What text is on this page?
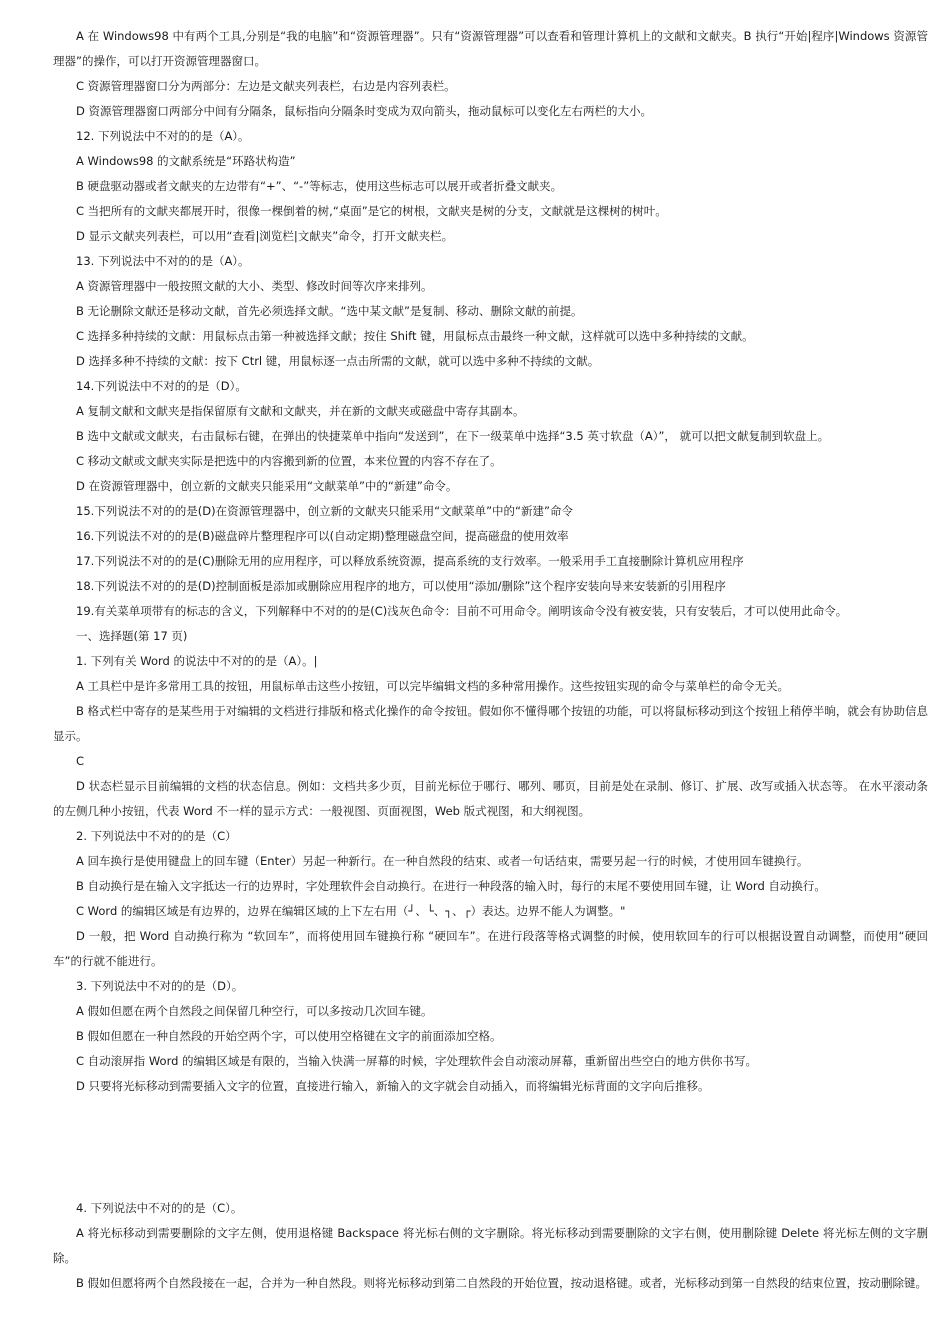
A 在 Windows98 中有两个工具,分别是“我的电脑”和“资源管理器”。只有“资源管理器”可以查看和管理计算机上的文献和文献夹。B 执行“开始|程序|Windows 资源管理器”的操作，可以打开资源管理器窗口。

C 资源管理器窗口分为两部分：左边是文献夹列表栏，右边是内容列表栏。

D 资源管理器窗口两部分中间有分隔条，鼠标指向分隔条时变成为双向箭头，拖动鼠标可以变化左右两栏的大小。

12. 下列说法中不对的的是（A）。

A Windows98 的文献系统是“环路状构造”

B 硬盘驱动器或者文献夹的左边带有“+”、“-”等标志，使用这些标志可以展开或者折叠文献夹。

C 当把所有的文献夹都展开时，很像一棵倒着的树,“桌面”是它的树根，文献夹是树的分支，文献就是这棵树的树叶。

D 显示文献夹列表栏，可以用“查看|浏览栏|文献夹”命令，打开文献夹栏。

13. 下列说法中不对的的是（A）。

A 资源管理器中一般按照文献的大小、类型、修改时间等次序来排列。

B 无论删除文献还是移动文献，首先必须选择文献。“选中某文献”是复制、移动、删除文献的前提。

C 选择多种持续的文献：用鼠标点击第一种被选择文献；按住 Shift 键，用鼠标点击最终一种文献，这样就可以选中多种持续的文献。

D 选择多种不持续的文献：按下 Ctrl 键，用鼠标逐一点击所需的文献，就可以选中多种不持续的文献。

14.下列说法中不对的的是（D）。

A 复制文献和文献夹是指保留原有文献和文献夹，并在新的文献夹或磁盘中寄存其副本。

B 选中文献或文献夹，右击鼠标右键，在弹出的快捷菜单中指向“发送到”，在下一级菜单中选择“3.5 英寸软盘（A）”， 就可以把文献复制到软盘上。

C 移动文献或文献夹实际是把选中的内容搬到新的位置，本来位置的内容不存在了。

D 在资源管理器中，创立新的文献夹只能采用“文献菜单”中的“新建”命令。

15.下列说法不对的的是(D)在资源管理器中，创立新的文献夹只能采用“文献菜单”中的“新建”命令

16.下列说法不对的的是(B)磁盘碎片整理程序可以(自动定期)整理磁盘空间，提高磁盘的使用效率

17.下列说法不对的的是(C)删除无用的应用程序，可以释放系统资源，提高系统的支行效率。一般采用手工直接删除计算机应用程序

18.下列说法不对的的是(D)控制面板是添加或删除应用程序的地方，可以使用“添加/删除”这个程序安装向导来安装新的引用程序

19.有关菜单项带有的标志的含义，下列解释中不对的的是(C)浅灰色命令：目前不可用命令。阐明该命令没有被安装，只有安装后，才可以使用此命令。

一、选择题(第 17 页)

1. 下列有关 Word 的说法中不对的的是（A）。|

A 工具栏中是许多常用工具的按钮，用鼠标单击这些小按钮，可以完毕编辑文档的多种常用操作。这些按钮实现的命令与菜单栏的命令无关。

B 格式栏中寄存的是某些用于对编辑的文档进行排版和格式化操作的命令按钮。假如你不懂得哪个按钮的功能，可以将鼠标移动到这个按钮上稍停半晌，就会有协助信息显示。

C

D 状态栏显示目前编辑的文档的状态信息。例如：文档共多少页，目前光标位于哪行、哪列、哪页，目前是处在录制、修订、扩展、改写或插入状态等。 在水平滚动条的左侧几种小按钮，代表 Word 不一样的显示方式：一般视图、页面视图，Web 版式视图，和大纲视图。

2. 下列说法中不对的的是（C）

A 回车换行是使用键盘上的回车键（Enter）另起一种新行。在一种自然段的结束、或者一句话结束，需要另起一行的时候，才使用回车键换行。

B 自动换行是在输入文字抵达一行的边界时，字处理软件会自动换行。在进行一种段落的输入时，每行的末尾不要使用回车键，让 Word 自动换行。

C Word 的编辑区域是有边界的，边界在编辑区域的上下左右用（┘、└、┐、┌）表达。边界不能人为调整。"

D 一般，把 Word 自动换行称为 “软回车”，而将使用回车键换行称 “硬回车”。在进行段落等格式调整的时候，使用软回车的行可以根据设置自动调整，而使用“硬回车”的行就不能进行。

3. 下列说法中不对的的是（D）。

A 假如但愿在两个自然段之间保留几种空行，可以多按动几次回车键。

B 假如但愿在一种自然段的开始空两个字，可以使用空格键在文字的前面添加空格。

C 自动滚屏指 Word 的编辑区域是有限的，当输入快满一屏幕的时候，字处理软件会自动滚动屏幕，重新留出些空白的地方供你书写。

D 只要将光标移动到需要插入文字的位置，直接进行输入，新输入的文字就会自动插入，而将编辑光标背面的文字向后推移。

4. 下列说法中不对的的是（C）。

A 将光标移动到需要删除的文字左侧，使用退格键 Backspace 将光标右侧的文字删除。将光标移动到需要删除的文字右侧，使用删除键 Delete 将光标左侧的文字删除。

B 假如但愿将两个自然段接在一起，合并为一种自然段。则将光标移动到第二自然段的开始位置，按动退格键。或者，光标移动到第一自然段的结束位置，按动删除键。
